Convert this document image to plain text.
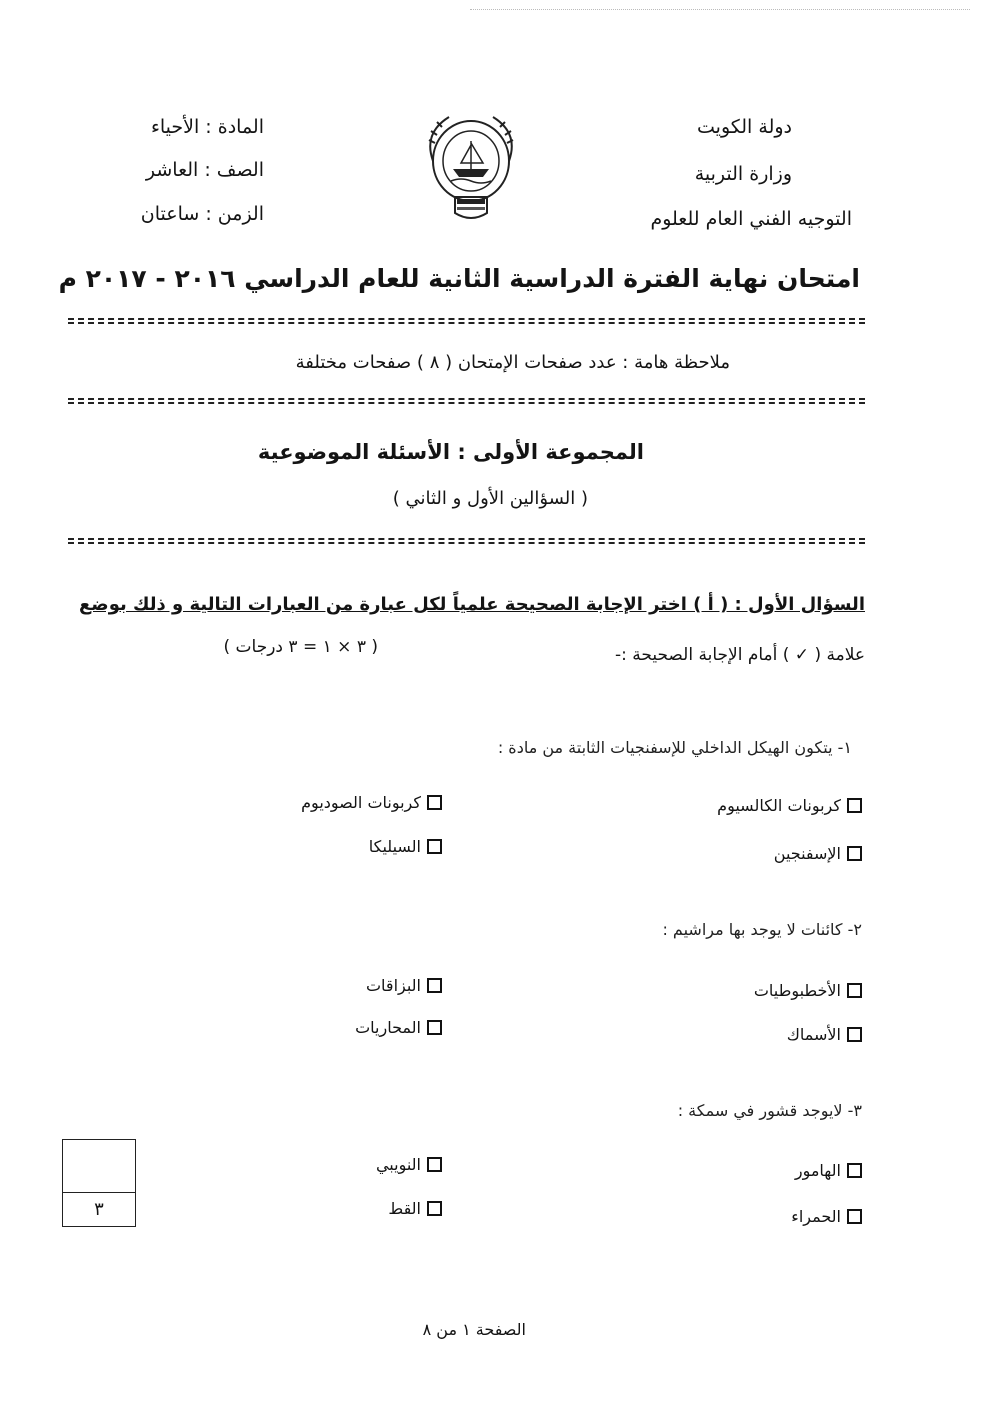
دولة الكويت
وزارة التربية
التوجيه الفني العام للعلوم
المادة : الأحياء
الصف : العاشر
الزمن : ساعتان
امتحان نهاية الفترة الدراسية الثانية للعام الدراسي ٢٠١٦ - ٢٠١٧ م
ملاحظة هامة : عدد صفحات الإمتحان ( ٨ ) صفحات مختلفة
المجموعة الأولى : الأسئلة الموضوعية
( السؤالين الأول و الثاني )
السؤال الأول : ( أ ) اختر الإجابة الصحيحة علمياً لكل عبارة من العبارات التالية و ذلك بوضع
علامة ( ✓ ) أمام الإجابة الصحيحة :-
( ٣ × ١ = ٣ درجات )
١- يتكون الهيكل الداخلي للإسفنجيات الثابتة من مادة :
كربونات الكالسيوم
كربونات الصوديوم
الإسفنجين
السيليكا
٢- كائنات لا يوجد بها مراشيم :
الأخطبوطيات
البزاقات
الأسماك
المحاريات
٣- لايوجد قشور في سمكة :
الهامور
النويبي
الحمراء
القط
٣
الصفحة ١ من ٨
